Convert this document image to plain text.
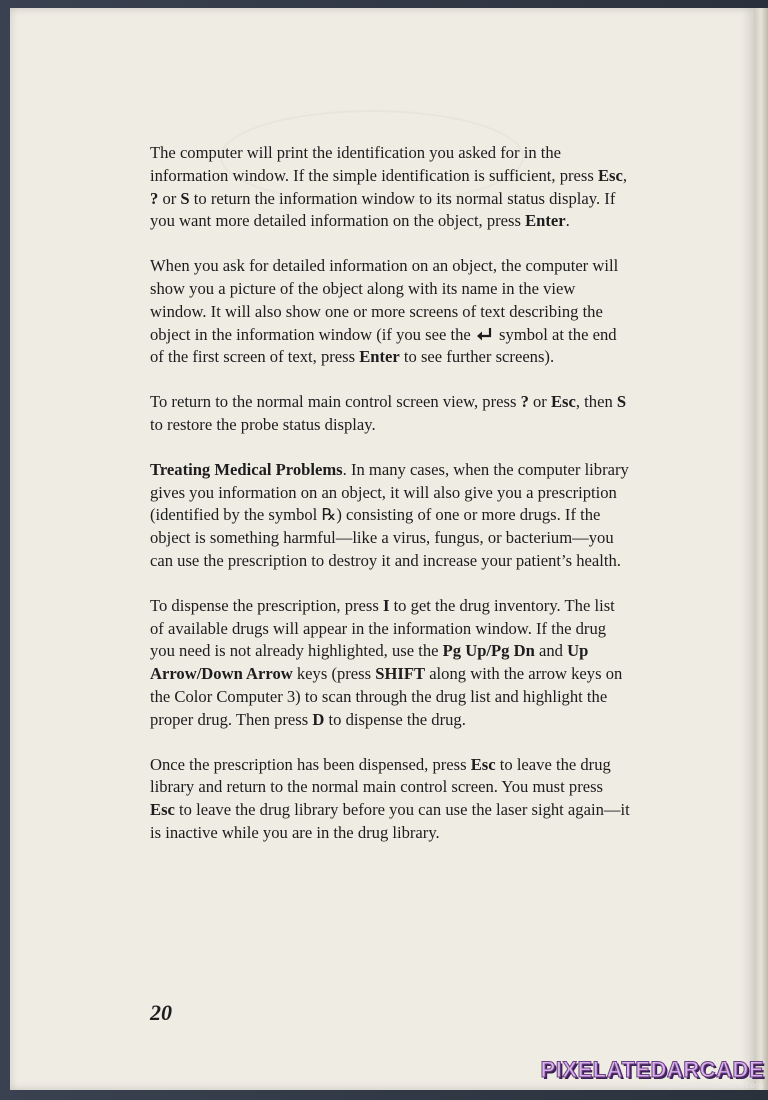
The computer will print the identification you asked for in the information window. If the simple identification is sufficient, press Esc, ? or S to return the information window to its normal status display. If you want more detailed information on the object, press Enter.

When you ask for detailed information on an object, the computer will show you a picture of the object along with its name in the view window. It will also show one or more screens of text describing the object in the information window (if you see the  symbol at the end of the first screen of text, press Enter to see further screens).

To return to the normal main control screen view, press ? or Esc, then S to restore the probe status display.

Treating Medical Problems. In many cases, when the computer library gives you information on an object, it will also give you a prescription (identified by the symbol ℞) consisting of one or more drugs. If the object is something harmful—like a virus, fungus, or bacterium—you can use the prescription to destroy it and increase your patient’s health.

To dispense the prescription, press I to get the drug inventory. The list of available drugs will appear in the information window. If the drug you need is not already highlighted, use the Pg Up/Pg Dn and Up Arrow/Down Arrow keys (press SHIFT along with the arrow keys on the Color Computer 3) to scan through the drug list and highlight the proper drug. Then press D to dispense the drug.

Once the prescription has been dispensed, press Esc to leave the drug library and return to the normal main control screen. You must press Esc to leave the drug library before you can use the laser sight again—it is inactive while you are in the drug library.

20
PIXELATEDARCADE
www.pixelatedarcade.com
